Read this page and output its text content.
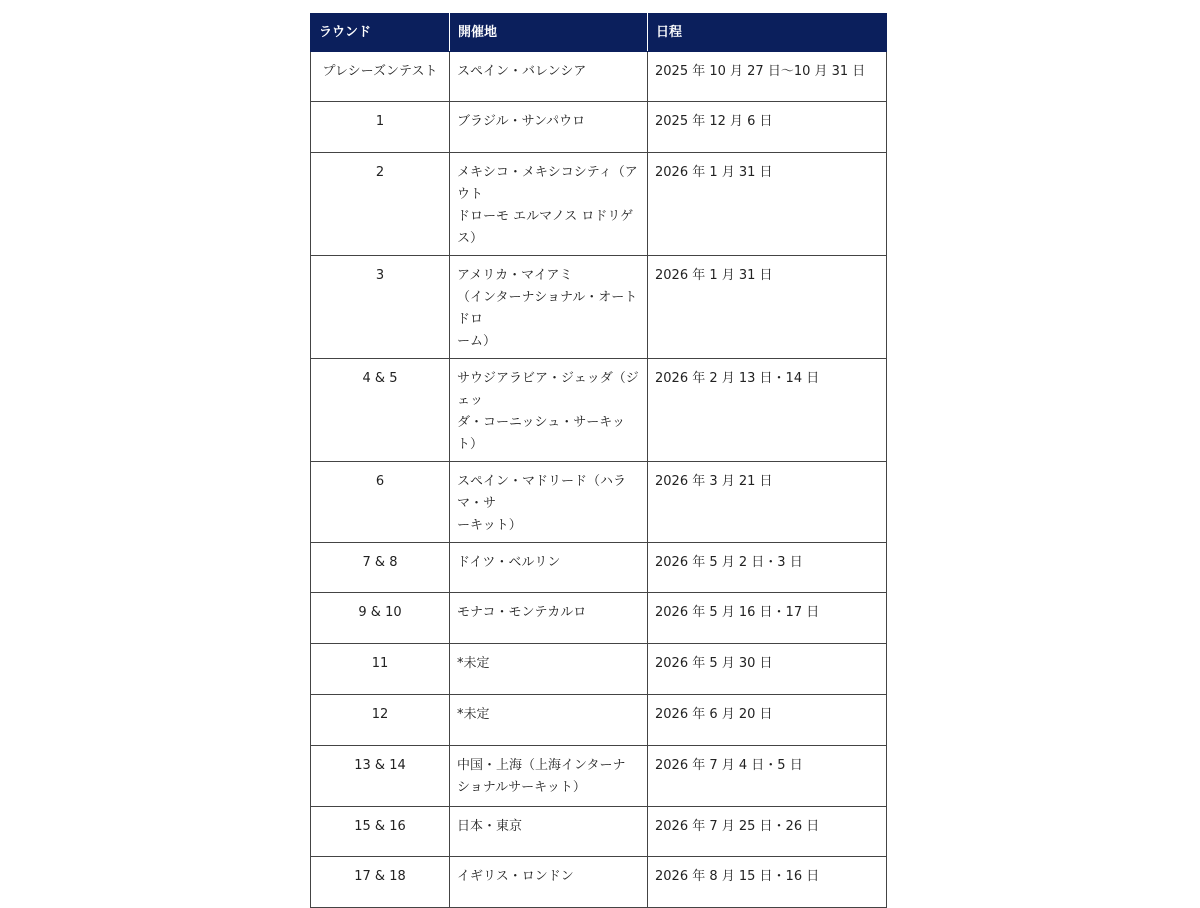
ラウンド	開催地	日程
プレシーズンテスト	スペイン・バレンシア	2025 年 10 月 27 日～10 月 31 日
1	ブラジル・サンパウロ	2025 年 12 月 6 日
2	メキシコ・メキシコシティ（アウト
ドローモ エルマノス ロドリゲス）	2026 年 1 月 31 日
3	アメリカ・マイアミ
（インターナショナル・オートドロ
ーム）	2026 年 1 月 31 日
4 & 5	サウジアラビア・ジェッダ（ジェッ
ダ・コーニッシュ・サーキット）	2026 年 2 月 13 日・14 日
6	スペイン・マドリード（ハラマ・サ
ーキット）	2026 年 3 月 21 日
7 & 8	ドイツ・ベルリン	2026 年 5 月 2 日・3 日
9 & 10	モナコ・モンテカルロ	2026 年 5 月 16 日・17 日
11	*未定	2026 年 5 月 30 日
12	*未定	2026 年 6 月 20 日
13 & 14	中国・上海（上海インターナ
ショナルサーキット）	2026 年 7 月 4 日・5 日
15 & 16	日本・東京	2026 年 7 月 25 日・26 日
17 & 18	イギリス・ロンドン	2026 年 8 月 15 日・16 日
